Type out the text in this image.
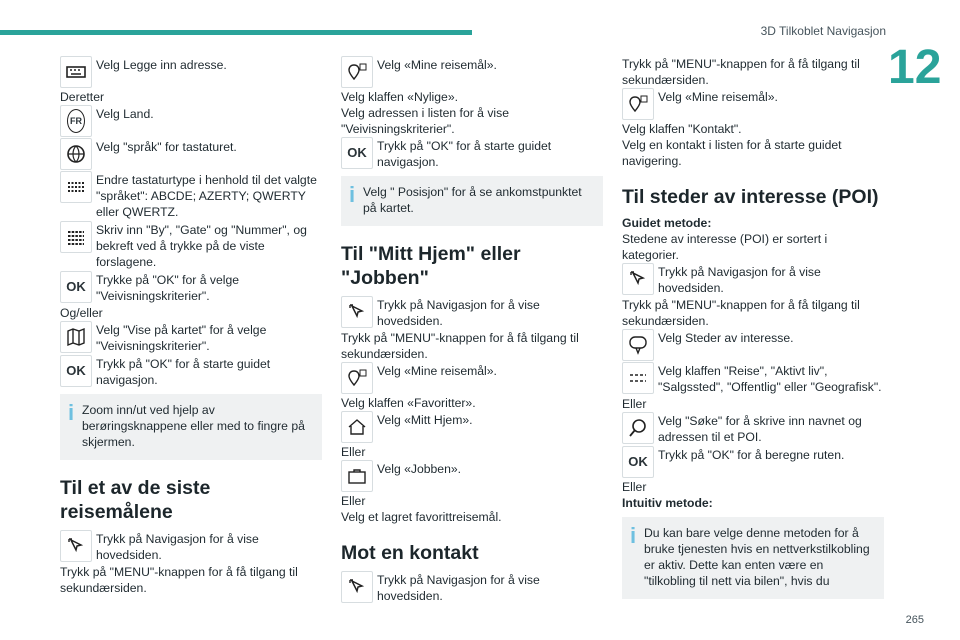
3D Tilkoblet Navigasjon
12
265
Velg Legge inn adresse.
Deretter
FR Velg Land.
Velg "språk" for tastaturet.
Endre tastaturtype i henhold til det valgte "språket": ABCDE; AZERTY; QWERTY eller QWERTZ.
Skriv inn "By", "Gate" og "Nummer", og bekreft ved å trykke på de viste forslagene.
OK Trykke på "OK" for å velge "Veivisningskriterier".
Og/eller
Velg "Vise på kartet" for å velge "Veivisningskriterier".
OK Trykk på "OK" for å starte guidet navigasjon.
i Zoom inn/ut ved hjelp av berøringsknappene eller med to fingre på skjermen.
Til et av de siste reisemålene
Trykk på Navigasjon for å vise hovedsiden.
Trykk på "MENU"-knappen for å få tilgang til sekundærsiden.
Velg «Mine reisemål».
Velg klaffen «Nylige».
Velg adressen i listen for å vise "Veivisningskriterier".
OK Trykk på "OK" for å starte guidet navigasjon.
i Velg " Posisjon" for å se ankomstpunktet på kartet.
Til "Mitt Hjem" eller "Jobben"
Trykk på Navigasjon for å vise hovedsiden.
Trykk på "MENU"-knappen for å få tilgang til sekundærsiden.
Velg «Mine reisemål».
Velg klaffen «Favoritter».
Velg «Mitt Hjem».
Eller
Velg «Jobben».
Eller
Velg et lagret favorittreisemål.
Mot en kontakt
Trykk på Navigasjon for å vise hovedsiden.
Trykk på "MENU"-knappen for å få tilgang til sekundærsiden.
Velg «Mine reisemål».
Velg klaffen "Kontakt".
Velg en kontakt i listen for å starte guidet navigering.
Til steder av interesse (POI)
Guidet metode:
Stedene av interesse (POI) er sortert i kategorier.
Trykk på Navigasjon for å vise hovedsiden.
Trykk på "MENU"-knappen for å få tilgang til sekundærsiden.
Velg Steder av interesse.
Velg klaffen "Reise", "Aktivt liv", "Salgssted", "Offentlig" eller "Geografisk".
Eller
Velg "Søke" for å skrive inn navnet og adressen til et POI.
OK Trykk på "OK" for å beregne ruten.
Eller
Intuitiv metode:
i Du kan bare velge denne metoden for å bruke tjenesten hvis en nettverkstilkobling er aktiv. Dette kan enten være en "tilkobling til nett via bilen", hvis du
